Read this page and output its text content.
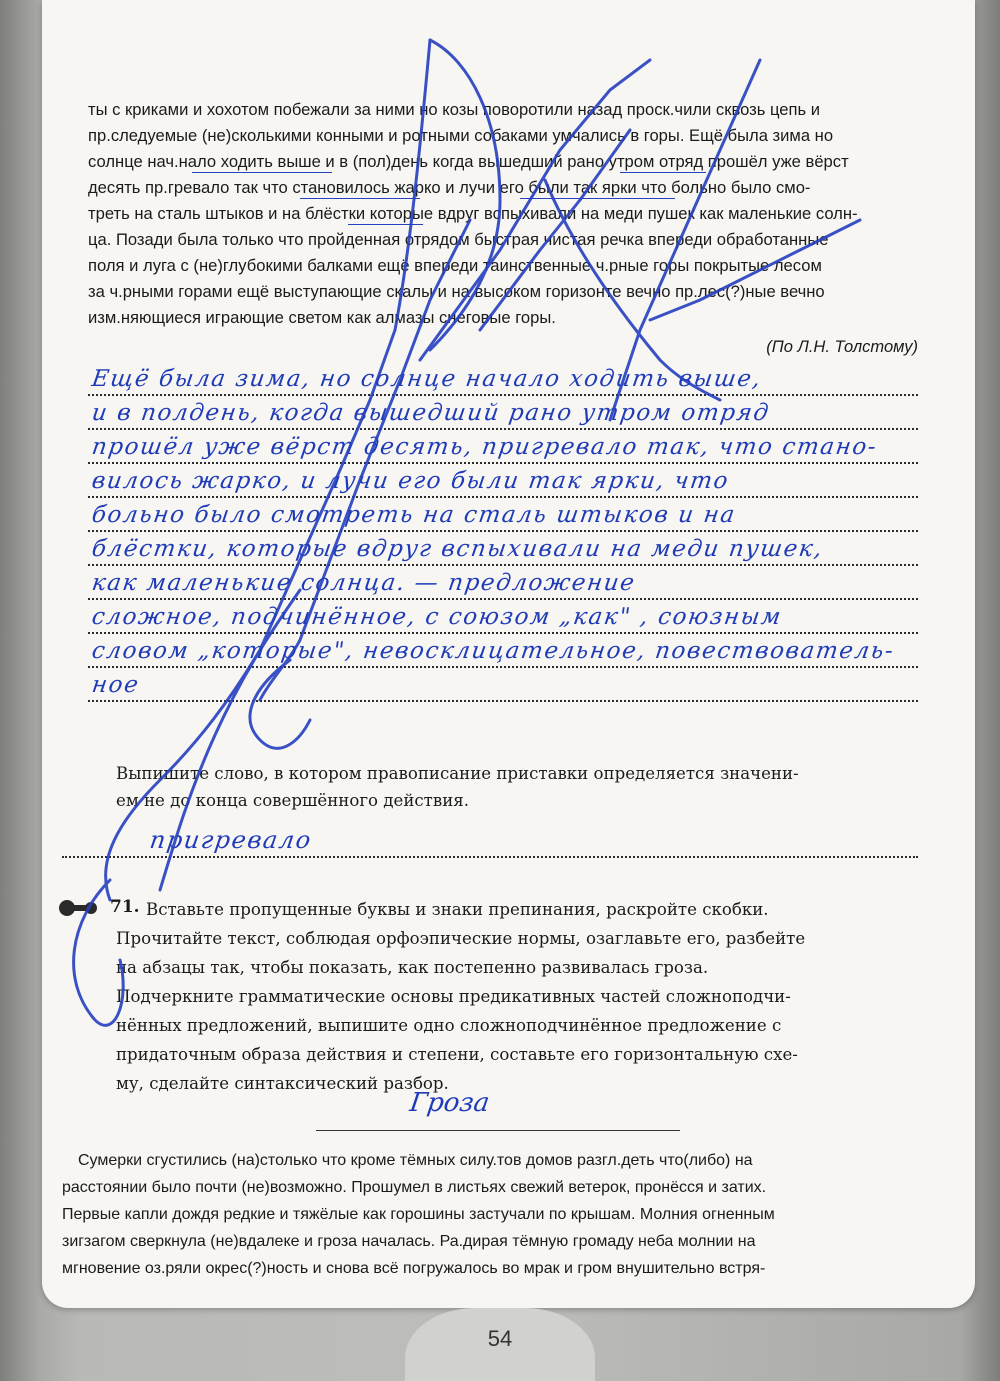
ты с криками и хохотом побежали за ними но козы поворотили назад проск.чили сквозь цепь и
пр.следуемые (не)сколькими конными и ротными собаками умчались в горы. Ещё была зима но
солнце нач.нало ходить выше и в (пол)день когда вышедший рано утром отряд прошёл уже вёрст
десять пр.гревало так что становилось жарко и лучи его были так ярки что больно было смо-
треть на сталь штыков и на блёстки которые вдруг вспыхивали на меди пушек как маленькие солн-
ца. Позади была только что пройденная отрядом быстрая чистая речка впереди обработанные
поля и луга с (не)глубокими балками ещё впереди таинственные ч.рные горы покрытые лесом
за ч.рными горами ещё выступающие скалы и на высоком горизонте вечно пр.лес(?)ные вечно
изм.няющиеся играющие светом как алмазы снеговые горы.
(По Л.Н. Толстому)
Ещё была зима, но солнце начало ходить выше,
и в полдень, когда вышедший рано утром отряд
прошёл уже вёрст десять, пригревало так, что стано-
вилось жарко, и лучи его были так ярки, что
больно было смотреть на сталь штыков и на
блёстки, которые вдруг вспыхивали на меди пушек,
как маленькие солнца. — предложение
сложное, подчинённое, с союзом „как" , союзным
словом „которые", невосклицательное, повествователь-
ное
Выпишите слово, в котором правописание приставки определяется значени-
ем не до конца совершённого действия.
пригревало
71. Вставьте пропущенные буквы и знаки препинания, раскройте скобки.
Прочитайте текст, соблюдая орфоэпические нормы, озаглавьте его, разбейте
на абзацы так, чтобы показать, как постепенно развивалась гроза.
Подчеркните грамматические основы предикативных частей сложноподчи-
нённых предложений, выпишите одно сложноподчинённое предложение с
придаточным образа действия и степени, составьте его горизонтальную схе-
му, сделайте синтаксический разбор.
Гроза
Сумерки сгустились (на)столько что кроме тёмных силу.тов домов разгл.деть что(либо) на
расстоянии было почти (не)возможно. Прошумел в листьях свежий ветерок, пронёсся и затих.
Первые капли дождя редкие и тяжёлые как горошины застучали по крышам. Молния огненным
зигзагом сверкнула (не)вдалеке и гроза началась. Ра.дирая тёмную громаду неба молнии на
мгновение оз.ряли окрес(?)ность и снова всё погружалось во мрак и гром внушительно встря-
54
